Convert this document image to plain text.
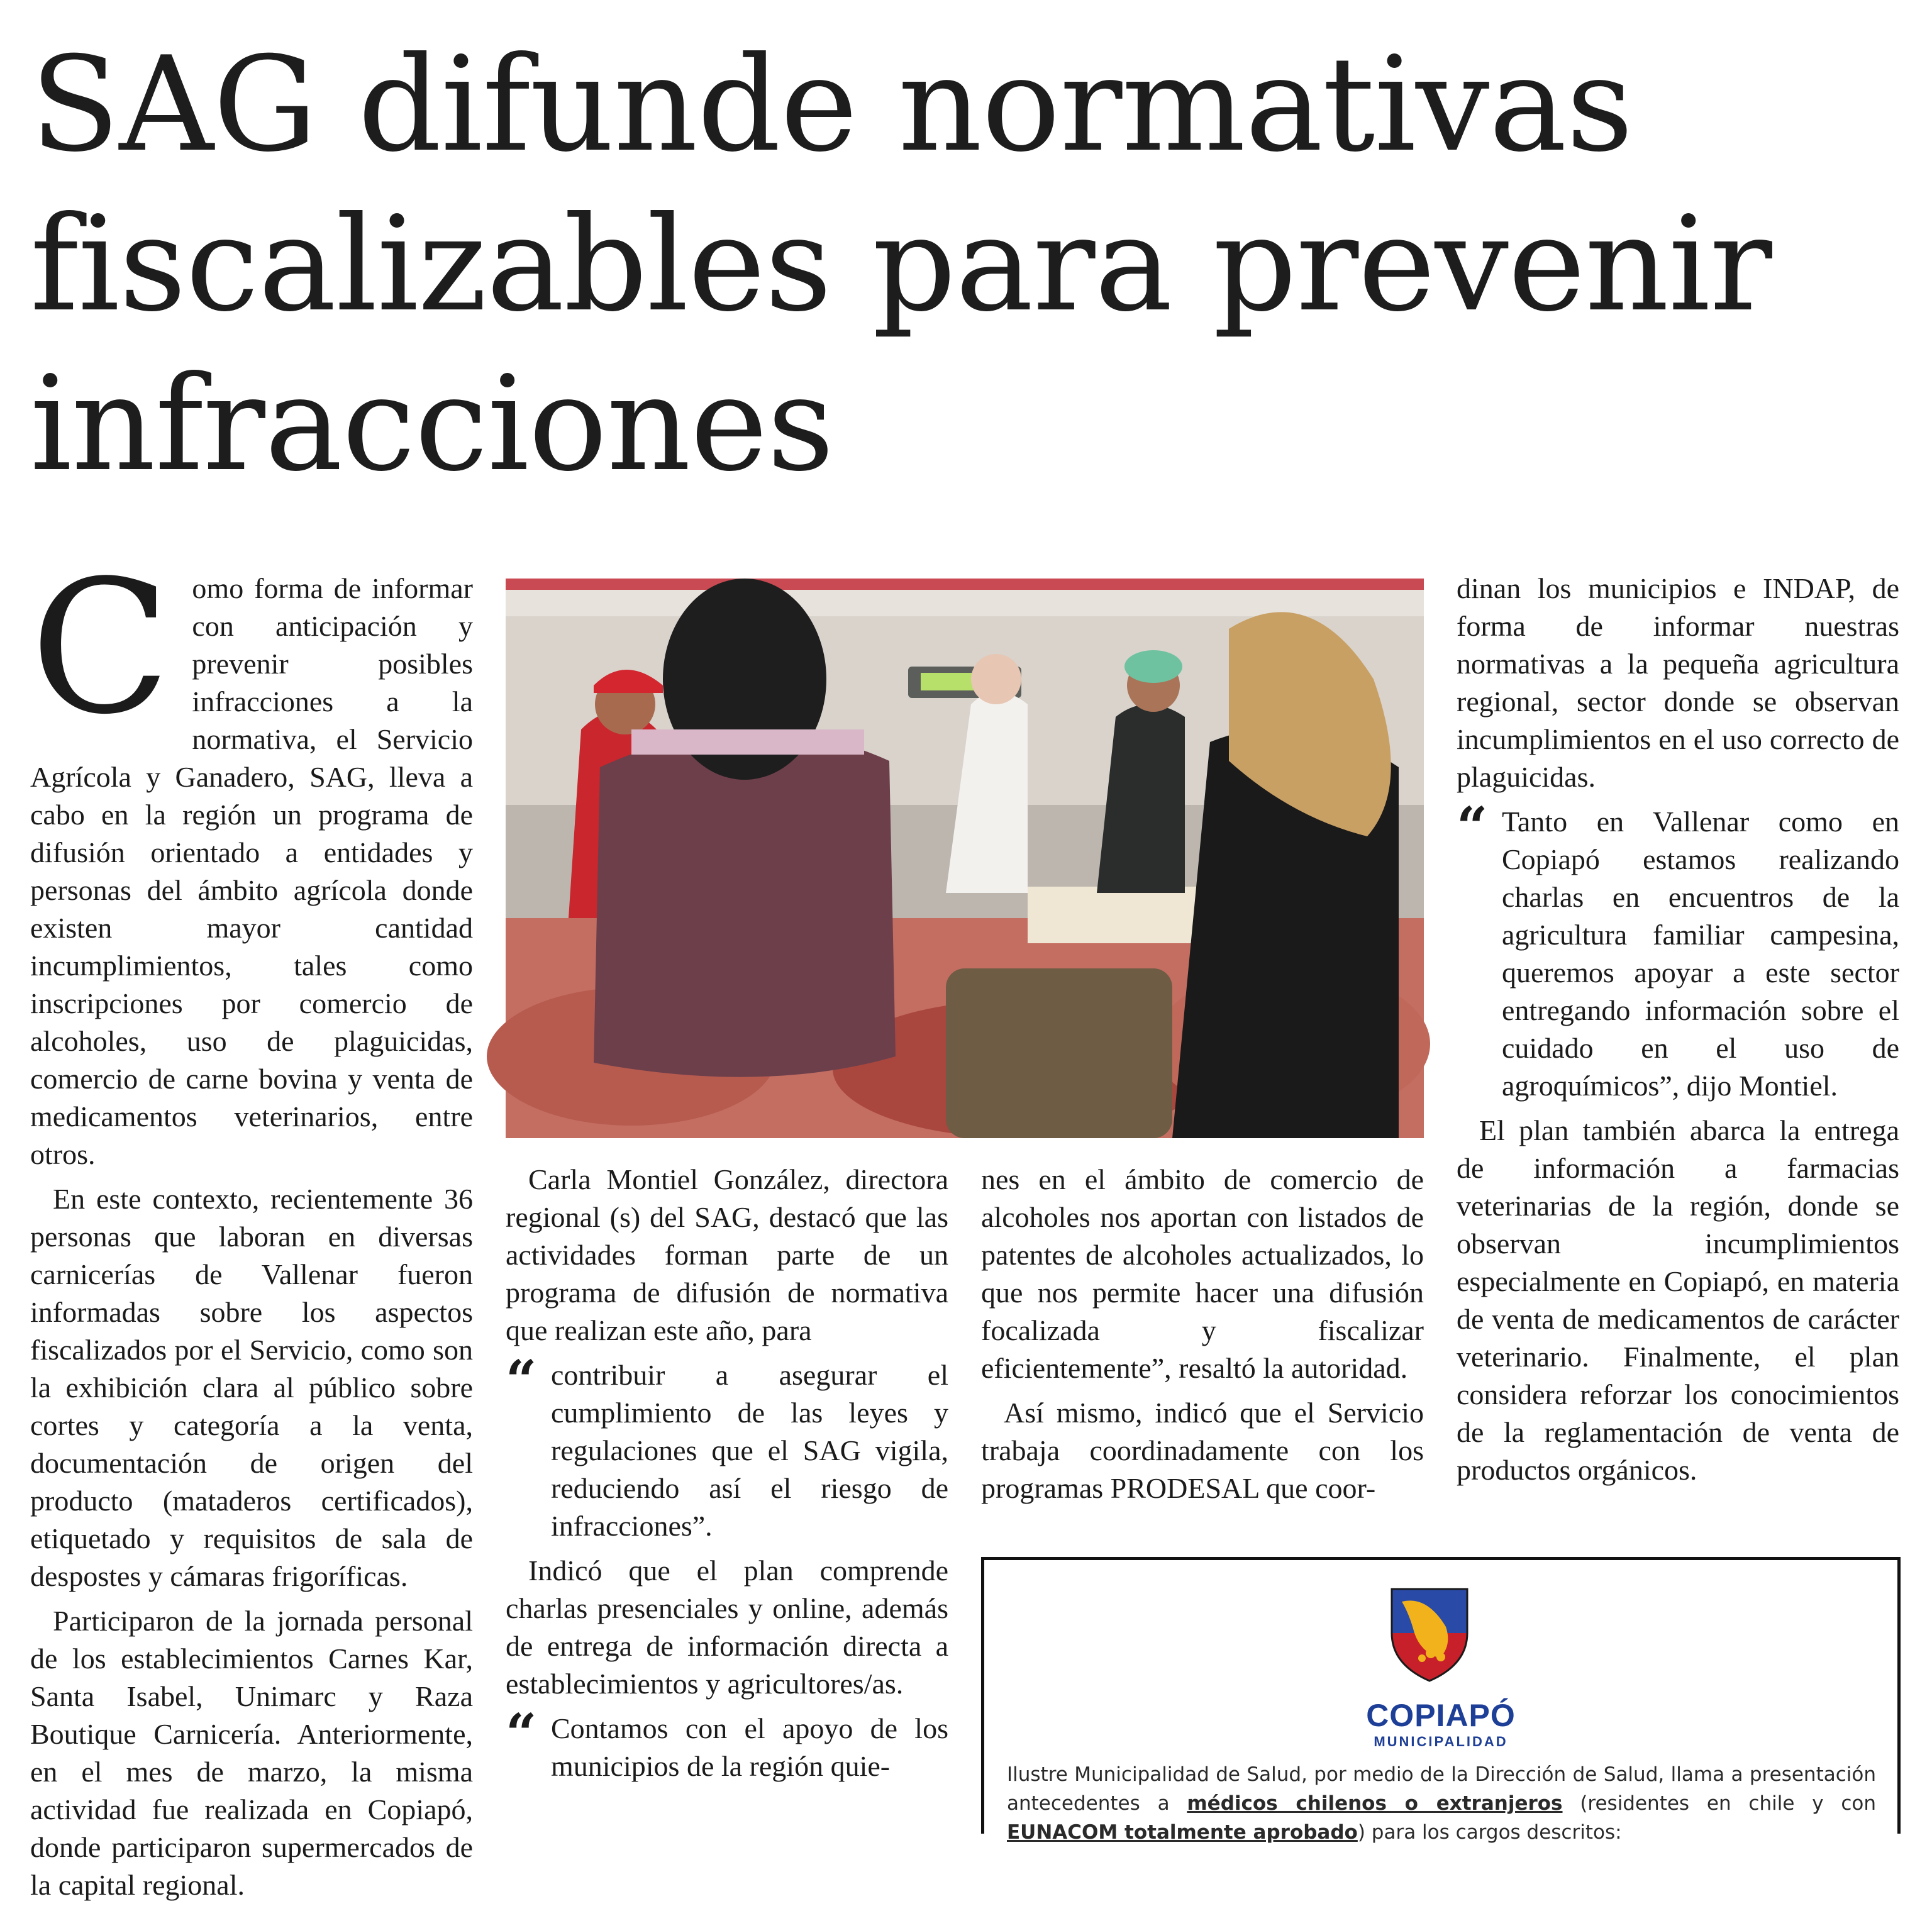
SAG difunde normativas fiscalizables para prevenir infracciones

Como forma de informar con anticipación y prevenir posibles infracciones a la normativa, el Servicio Agrícola y Ganadero, SAG, lleva a cabo en la región un programa de difusión orientado a entidades y personas del ámbito agrícola donde existen mayor cantidad incumplimientos, tales como inscripciones por comercio de alcoholes, uso de plaguicidas, comercio de carne bovina y venta de medicamentos veterinarios, entre otros.

En este contexto, recientemente 36 personas que laboran en diversas carnicerías de Vallenar fueron informadas sobre los aspectos fiscalizados por el Servicio, como son la exhibición clara al público sobre cortes y categoría a la venta, documentación de origen del producto (mataderos certificados), etiquetado y requisitos de sala de despostes y cámaras frigoríficas.

Participaron de la jornada personal de los establecimientos Carnes Kar, Santa Isabel, Unimarc y Raza Boutique Carnicería. Anteriormente, en el mes de marzo, la misma actividad fue realizada en Copiapó, donde participaron supermercados de la capital regional.

Carla Montiel González, directora regional (s) del SAG, destacó que las actividades forman parte de un programa de difusión de normativa que realizan este año, para

“ contribuir a asegurar el cumplimiento de las leyes y regulaciones que el SAG vigila, reduciendo así el riesgo de infracciones”.

Indicó que el plan comprende charlas presenciales y online, además de entrega de información directa a establecimientos y agricultores/as.

“ Contamos con el apoyo de los municipios de la región quie-

nes en el ámbito de comercio de alcoholes nos aportan con listados de patentes de alcoholes actualizados, lo que nos permite hacer una difusión focalizada y fiscalizar eficientemente”, resaltó la autoridad.

Así mismo, indicó que el Servicio trabaja coordinadamente con los programas PRODESAL que coor-

dinan los municipios e INDAP, de forma de informar nuestras normativas a la pequeña agricultura regional, sector donde se observan incumplimientos en el uso correcto de plaguicidas.

“ Tanto en Vallenar como en Copiapó estamos realizando charlas en encuentros de la agricultura familiar campesina, queremos apoyar a este sector entregando información sobre el cuidado en el uso de agroquímicos”, dijo Montiel.

El plan también abarca la entrega de información a farmacias veterinarias de la región, donde se observan incumplimientos especialmente en Copiapó, en materia de venta de medicamentos de carácter veterinario. Finalmente, el plan considera reforzar los conocimientos de la reglamentación de venta de productos orgánicos.

COPIAPÓ
MUNICIPALIDAD
Ilustre Municipalidad de Salud, por medio de la Dirección de Salud, llama a presentación antecedentes a médicos chilenos o extranjeros (residentes en chile y con EUNACOM totalmente aprobado) para los cargos descritos:
